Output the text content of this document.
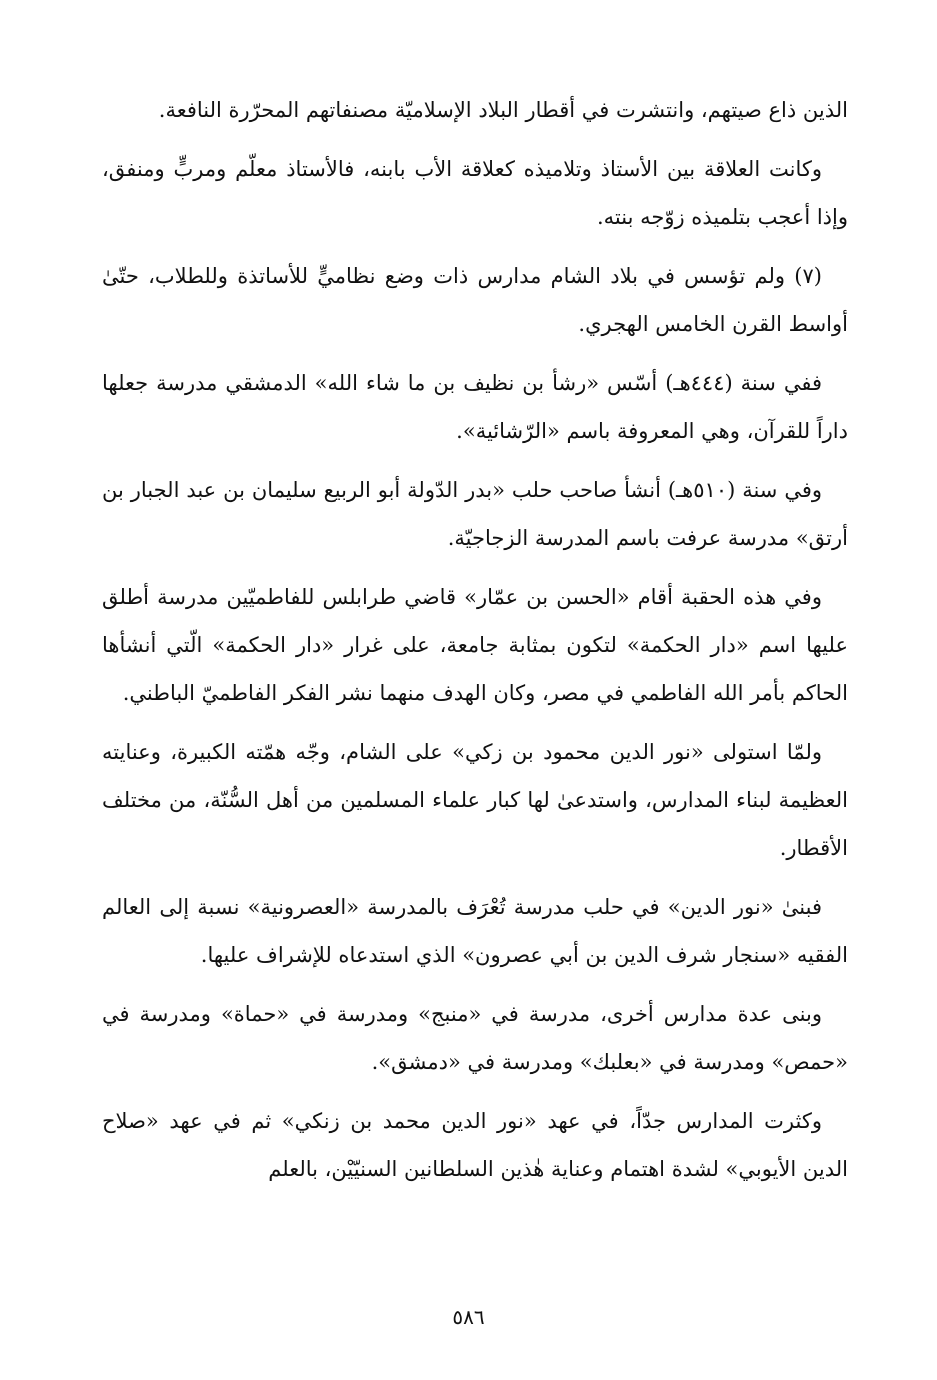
الذين ذاع صيتهم، وانتشرت في أقطار البلاد الإسلاميّة مصنفاتهم المحرّرة النافعة.

وكانت العلاقة بين الأستاذ وتلاميذه كعلاقة الأب بابنه، فالأستاذ معلّم ومربٍّ ومنفق، وإذا أعجب بتلميذه زوّجه بنته.

(٧) ولم تؤسس في بلاد الشام مدارس ذات وضع نظاميٍّ للأساتذة وللطلاب، حتّىٰ أواسط القرن الخامس الهجري.

ففي سنة (٤٤٤هـ) أسّس «رشأ بن نظيف بن ما شاء الله» الدمشقي مدرسة جعلها داراً للقرآن، وهي المعروفة باسم «الرّشائية».

وفي سنة (٥١٠هـ) أنشأ صاحب حلب «بدر الدّولة أبو الربيع سليمان بن عبد الجبار بن أرتق» مدرسة عرفت باسم المدرسة الزجاجيّة.

وفي هذه الحقبة أقام «الحسن بن عمّار» قاضي طرابلس للفاطميّين مدرسة أطلق عليها اسم «دار الحكمة» لتكون بمثابة جامعة، على غرار «دار الحكمة» الّتي أنشأها الحاكم بأمر الله الفاطمي في مصر، وكان الهدف منهما نشر الفكر الفاطميّ الباطني.

ولمّا استولى «نور الدين محمود بن زكي» على الشام، وجّه همّته الكبيرة، وعنايته العظيمة لبناء المدارس، واستدعىٰ لها كبار علماء المسلمين من أهل السُّنّة، من مختلف الأقطار.

فبنىٰ «نور الدين» في حلب مدرسة تُعْرَف بالمدرسة «العصرونية» نسبة إلى العالم الفقيه «سنجار شرف الدين بن أبي عصرون» الذي استدعاه للإشراف عليها.

وبنى عدة مدارس أخرى، مدرسة في «منبج» ومدرسة في «حماة» ومدرسة في «حمص» ومدرسة في «بعلبك» ومدرسة في «دمشق».

وكثرت المدارس جدّاً، في عهد «نور الدين محمد بن زنكي» ثم في عهد «صلاح الدين الأيوبي» لشدة اهتمام وعناية هٰذين السلطانين السنيّيْن، بالعلم

٥٨٦
